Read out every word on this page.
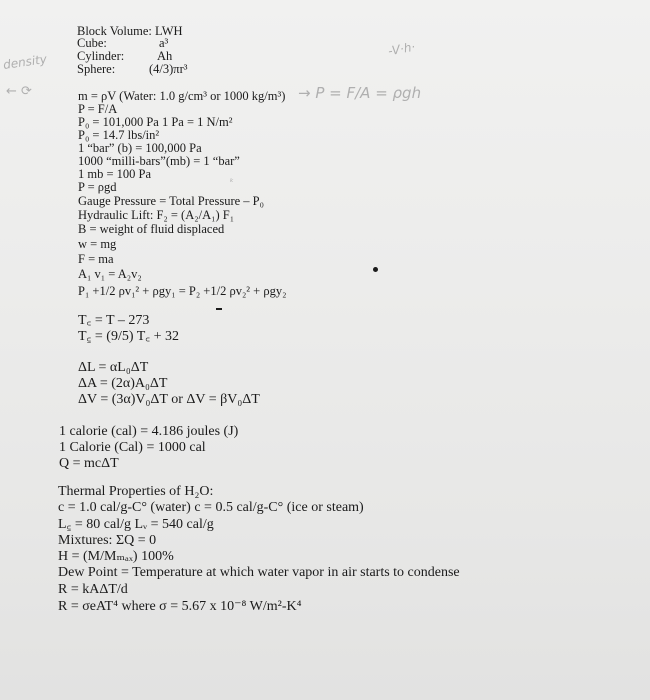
Block Volume: LWH
Cube:	a³
Cylinder:	Ah
Sphere:	(4/3)πr³
m = ρV (Water: 1.0 g/cm³ or 1000 kg/m³)
P = F/A
P₀ = 101,000 Pa 1 Pa = 1 N/m²
P₀ = 14.7 lbs/in²
1 “bar” (b) = 100,000 Pa
1000 “milli-bars”(mb) = 1 “bar”
1 mb = 100 Pa
P = ρgd
Gauge Pressure = Total Pressure – P₀
Hydraulic Lift: F₂ = (A₂/A₁) F₁
B = weight of fluid displaced
w = mg
F = ma
A₁ v₁ = A₂v₂
P₁ +1/2 ρv₁² + ρgy₁ = P₂ +1/2 ρv₂² + ρgy₂
T꜀ = T – 273
T꜁ = (9/5) T꜀ + 32
ΔL = αL₀ΔT
ΔA = (2α)A₀ΔT
ΔV = (3α)V₀ΔT or ΔV = βV₀ΔT
1 calorie (cal) = 4.186 joules (J)
1 Calorie (Cal) = 1000 cal
Q = mcΔT
Thermal Properties of H₂O:
c = 1.0 cal/g-C° (water) c = 0.5 cal/g-C° (ice or steam)
L꜁ = 80 cal/g Lᵥ = 540 cal/g
Mixtures: ΣQ = 0
H = (M/Mₘₐₓ) 100%
Dew Point = Temperature at which water vapor in air starts to condense
R = kAΔT/d
R = σeAT⁴ where σ = 5.67 x 10⁻⁸ W/m²-K⁴
dеnsity
-V·h·
→ P = F/A = ρgh
← ⟳
ᵏ
